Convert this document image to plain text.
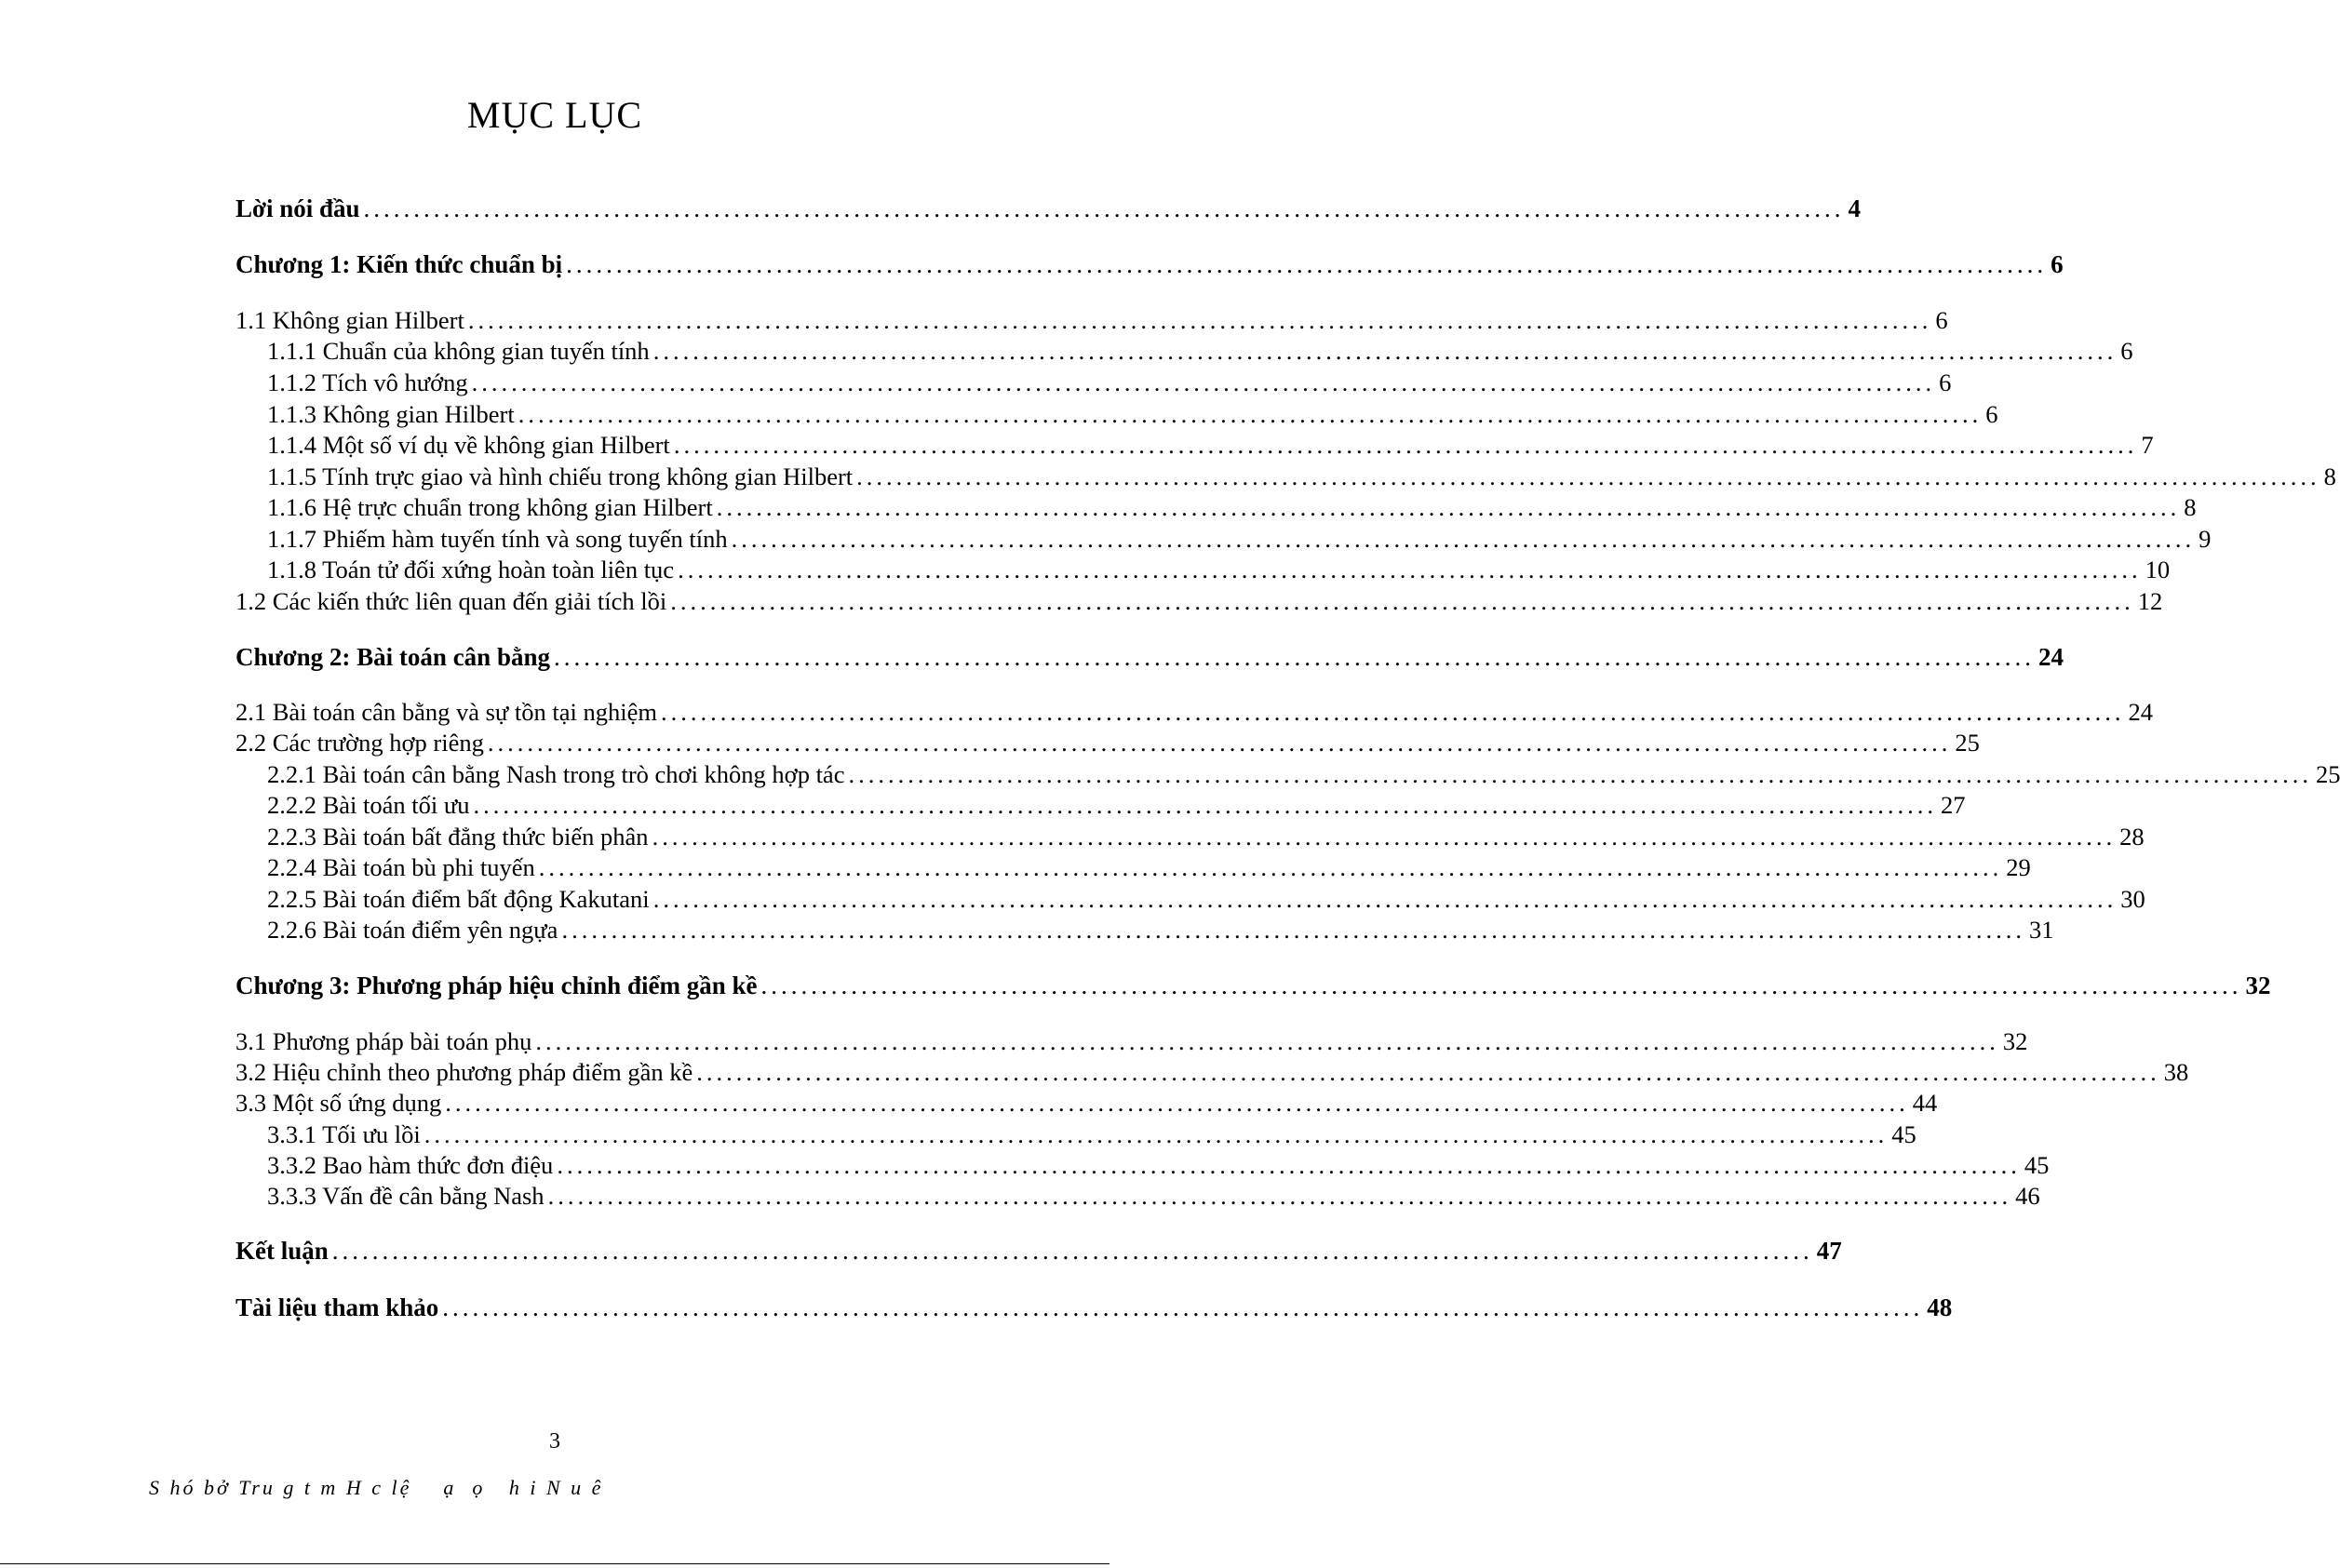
MỤC LỤC
Lời nói đầu .................................................................................................................................................... 4
Chương 1: Kiến thức chuẩn bị .................................................................................................................................................... 6
1.1 Không gian Hilbert .................................................................................................................................................... 6
1.1.1 Chuẩn của không gian tuyến tính .................................................................................................................................................... 6
1.1.2 Tích vô hướng .................................................................................................................................................... 6
1.1.3 Không gian Hilbert .................................................................................................................................................... 6
1.1.4 Một số ví dụ về không gian Hilbert .................................................................................................................................................... 7
1.1.5 Tính trực giao và hình chiếu trong không gian Hilbert .................................................................................................................................................... 8
1.1.6 Hệ trực chuẩn trong không gian Hilbert .................................................................................................................................................... 8
1.1.7 Phiếm hàm tuyến tính và song tuyến tính .................................................................................................................................................... 9
1.1.8 Toán tử đối xứng hoàn toàn liên tục .................................................................................................................................................... 10
1.2 Các kiến thức liên quan đến giải tích lồi .................................................................................................................................................... 12
Chương 2: Bài toán cân bằng .................................................................................................................................................... 24
2.1 Bài toán cân bằng và sự tồn tại nghiệm .................................................................................................................................................... 24
2.2 Các trường hợp riêng .................................................................................................................................................... 25
2.2.1 Bài toán cân bằng Nash trong trò chơi không hợp tác .................................................................................................................................................... 25
2.2.2 Bài toán tối ưu .................................................................................................................................................... 27
2.2.3 Bài toán bất đẳng thức biến phân .................................................................................................................................................... 28
2.2.4 Bài toán bù phi tuyến .................................................................................................................................................... 29
2.2.5 Bài toán điểm bất động Kakutani .................................................................................................................................................... 30
2.2.6 Bài toán điểm yên ngựa .................................................................................................................................................... 31
Chương 3: Phương pháp hiệu chỉnh điểm gần kề .................................................................................................................................................... 32
3.1 Phương pháp bài toán phụ .................................................................................................................................................... 32
3.2 Hiệu chỉnh theo phương pháp điểm gần kề .................................................................................................................................................... 38
3.3 Một số ứng dụng .................................................................................................................................................... 44
3.3.1 Tối ưu lồi .................................................................................................................................................... 45
3.3.2 Bao hàm thức đơn điệu .................................................................................................................................................... 45
3.3.3 Vấn đề cân bằng Nash .................................................................................................................................................... 46
Kết luận .................................................................................................................................................... 47
Tài liệu tham khảo .................................................................................................................................................... 48
3
S hó bở Tru g t m H c lệ    ạ  ọ   h i N u ê
